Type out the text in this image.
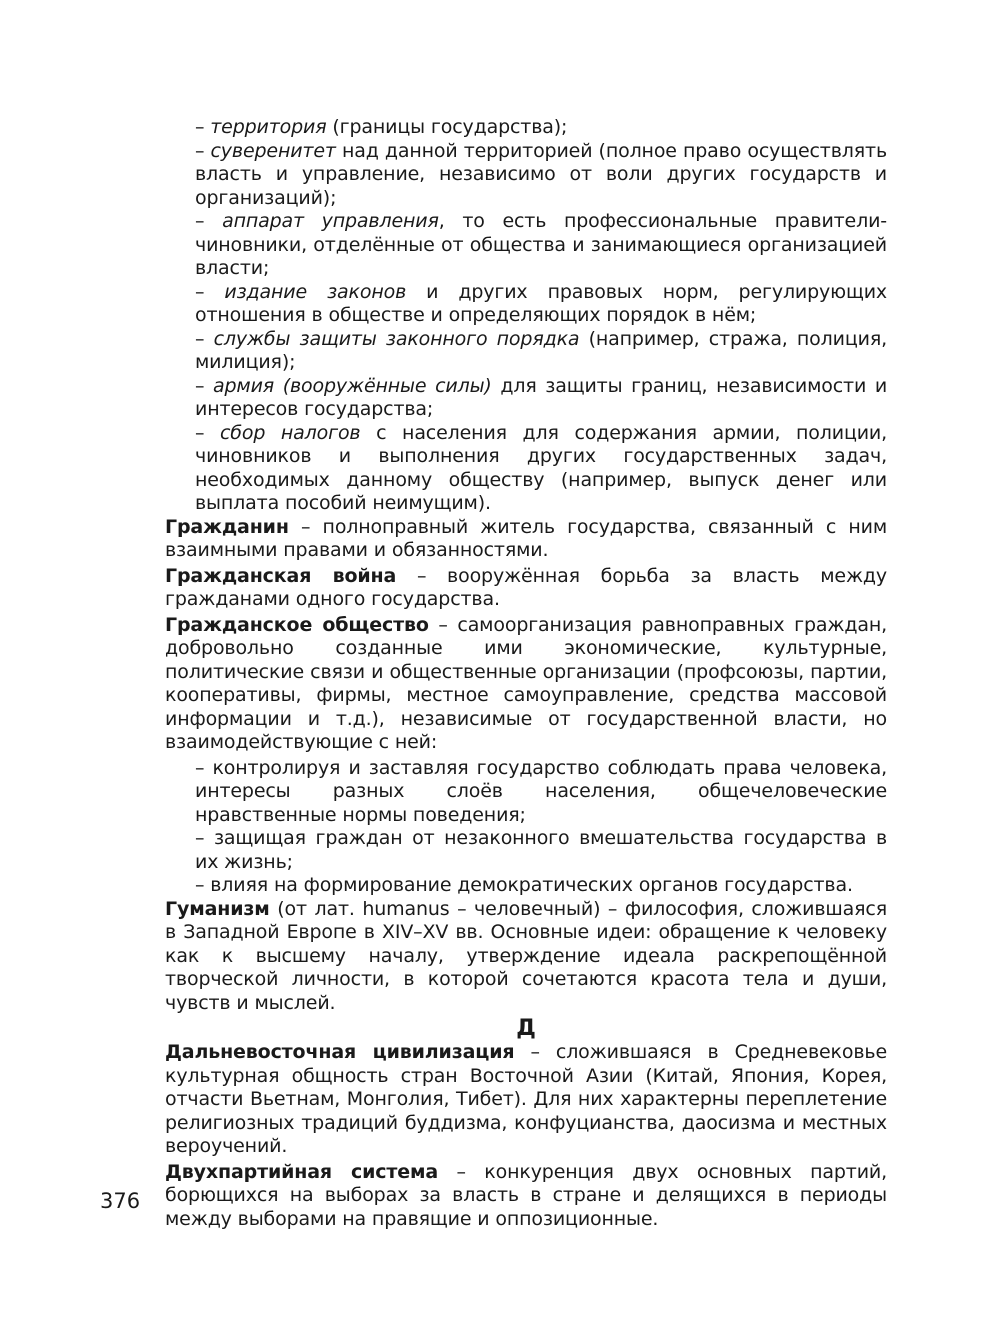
– территория (границы государства);

– суверенитет над данной территорией (полное право осуществлять власть и управление, независимо от воли других государств и организаций);

– аппарат управления, то есть профессиональные правители-чиновники, отделённые от общества и занимающиеся организацией власти;

– издание законов и других правовых норм, регулирующих отношения в обществе и определяющих порядок в нём;

– службы защиты законного порядка (например, стража, полиция, милиция);

– армия (вооружённые силы) для защиты границ, независимости и интересов государства;

– сбор налогов с населения для содержания армии, полиции, чиновников и выполнения других государственных задач, необходимых данному обществу (например, выпуск денег или выплата пособий неимущим).

Гражданин – полноправный житель государства, связанный с ним взаимными правами и обязанностями.

Гражданская война – вооружённая борьба за власть между гражданами одного государства.

Гражданское общество – самоорганизация равноправных граждан, добровольно созданные ими экономические, культурные, политические связи и общественные организации (профсоюзы, партии, кооперативы, фирмы, местное самоуправление, средства массовой информации и т.д.), независимые от государственной власти, но взаимодействующие с ней:

– контролируя и заставляя государство соблюдать права человека, интересы разных слоёв населения, общечеловеческие нравственные нормы поведения;

– защищая граждан от незаконного вмешательства государства в их жизнь;

– влияя на формирование демократических органов государства.

Гуманизм (от лат. humanus – человечный) – философия, сложившаяся в Западной Европе в XIV–XV вв. Основные идеи: обращение к человеку как к высшему началу, утверждение идеала раскрепощённой творческой личности, в которой сочетаются красота тела и души, чувств и мыслей.

Д

Дальневосточная цивилизация – сложившаяся в Средневековье культурная общность стран Восточной Азии (Китай, Япония, Корея, отчасти Вьетнам, Монголия, Тибет). Для них характерны переплетение религиозных традиций буддизма, конфуцианства, даосизма и местных вероучений.

Двухпартийная система – конкуренция двух основных партий, борющихся на выборах за власть в стране и делящихся в периоды между выборами на правящие и оппозиционные.

376
